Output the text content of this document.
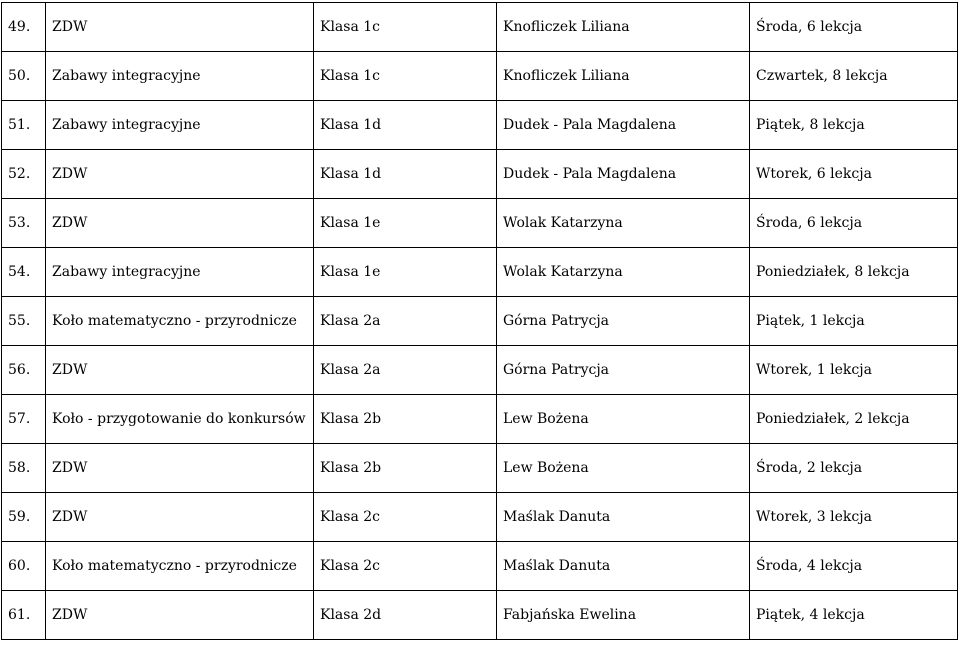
49.	ZDW	Klasa 1c	Knofliczek Liliana	Środa, 6 lekcja
50.	Zabawy integracyjne	Klasa 1c	Knofliczek Liliana	Czwartek, 8 lekcja
51.	Zabawy integracyjne	Klasa 1d	Dudek - Pala Magdalena	Piątek, 8 lekcja
52.	ZDW	Klasa 1d	Dudek - Pala Magdalena	Wtorek, 6 lekcja
53.	ZDW	Klasa 1e	Wolak Katarzyna	Środa, 6 lekcja
54.	Zabawy integracyjne	Klasa 1e	Wolak Katarzyna	Poniedziałek, 8 lekcja
55.	Koło matematyczno - przyrodnicze	Klasa 2a	Górna Patrycja	Piątek, 1 lekcja
56.	ZDW	Klasa 2a	Górna Patrycja	Wtorek, 1 lekcja
57.	Koło - przygotowanie do konkursów	Klasa 2b	Lew Bożena	Poniedziałek, 2 lekcja
58.	ZDW	Klasa 2b	Lew Bożena	Środa, 2 lekcja
59.	ZDW	Klasa 2c	Maślak Danuta	Wtorek, 3 lekcja
60.	Koło matematyczno - przyrodnicze	Klasa 2c	Maślak Danuta	Środa, 4 lekcja
61.	ZDW	Klasa 2d	Fabjańska Ewelina	Piątek, 4 lekcja
